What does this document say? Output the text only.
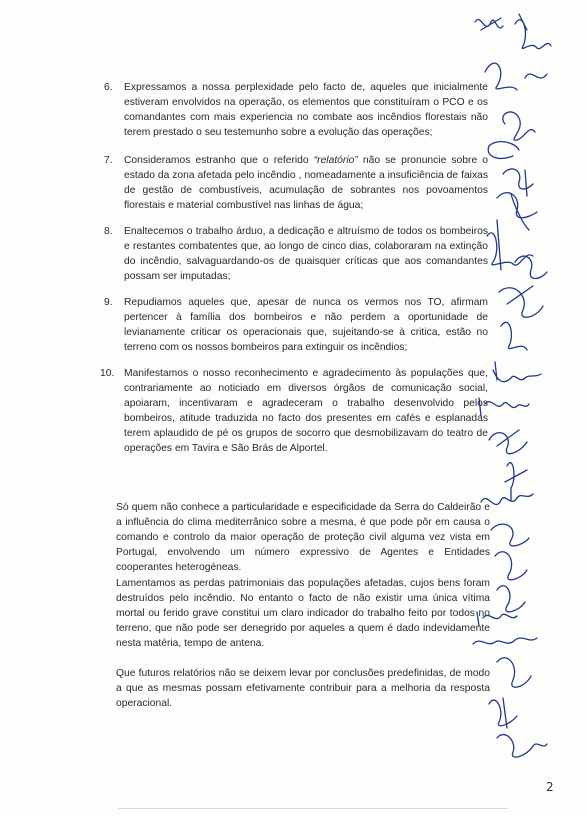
6. Expressamos a nossa perplexidade pelo facto de, aqueles que inicialmente estiveram envolvidos na operação, os elementos que constituíram o PCO e os comandantes com mais experiencia no combate aos incêndios florestais não terem prestado o seu testemunho sobre a evolução das operações;

7. Consideramos estranho que o referido “relatório” não se pronuncie sobre o estado da zona afetada pelo incêndio , nomeadamente a insuficiência de faixas de gestão de combustíveis, acumulação de sobrantes nos povoamentos florestais e material combustível nas linhas de água;

8. Enaltecemos o trabalho árduo, a dedicação e altruísmo de todos os bombeiros e restantes combatentes que, ao longo de cinco dias, colaboraram na extinção do incêndio, salvaguardando-os de quaisquer críticas que aos comandantes possam ser imputadas;

9. Repudiamos aqueles que, apesar de nunca os vermos nos TO, afirmam pertencer à família dos bombeiros e não perdem a oportunidade de levianamente criticar os operacionais que, sujeitando-se à critica, estão no terreno com os nossos bombeiros para extinguir os incêndios;

10. Manifestamos o nosso reconhecimento e agradecimento às populações que, contrariamente ao noticiado em diversos órgãos de comunicação social, apoiaram, incentivaram e agradeceram o trabalho desenvolvido pelos bombeiros, atitude traduzida no facto dos presentes em cafés e esplanadas terem aplaudido de pé os grupos de socorro que desmobilizavam do teatro de operações em Tavira e São Brás de Alportel.

Só quem não conhece a particularidade e especificidade da Serra do Caldeirão e a influência do clima mediterrânico sobre a mesma, é que pode pôr em causa o comando e controlo da maior operação de proteção civil alguma vez vista em Portugal, envolvendo um número expressivo de Agentes e Entidades cooperantes heterogéneas.

Lamentamos as perdas patrimoniais das populações afetadas, cujos bens foram destruídos pelo incêndio. No entanto o facto de não existir uma única vítima mortal ou ferido grave constitui um claro indicador do trabalho feito por todos no terreno, que não pode ser denegrido por aqueles a quem é dado indevidamente nesta matéria, tempo de antena.

Que futuros relatórios não se deixem levar por conclusões predefinidas, de modo a que as mesmas possam efetivamente contribuir para a melhoria da resposta operacional.

2
